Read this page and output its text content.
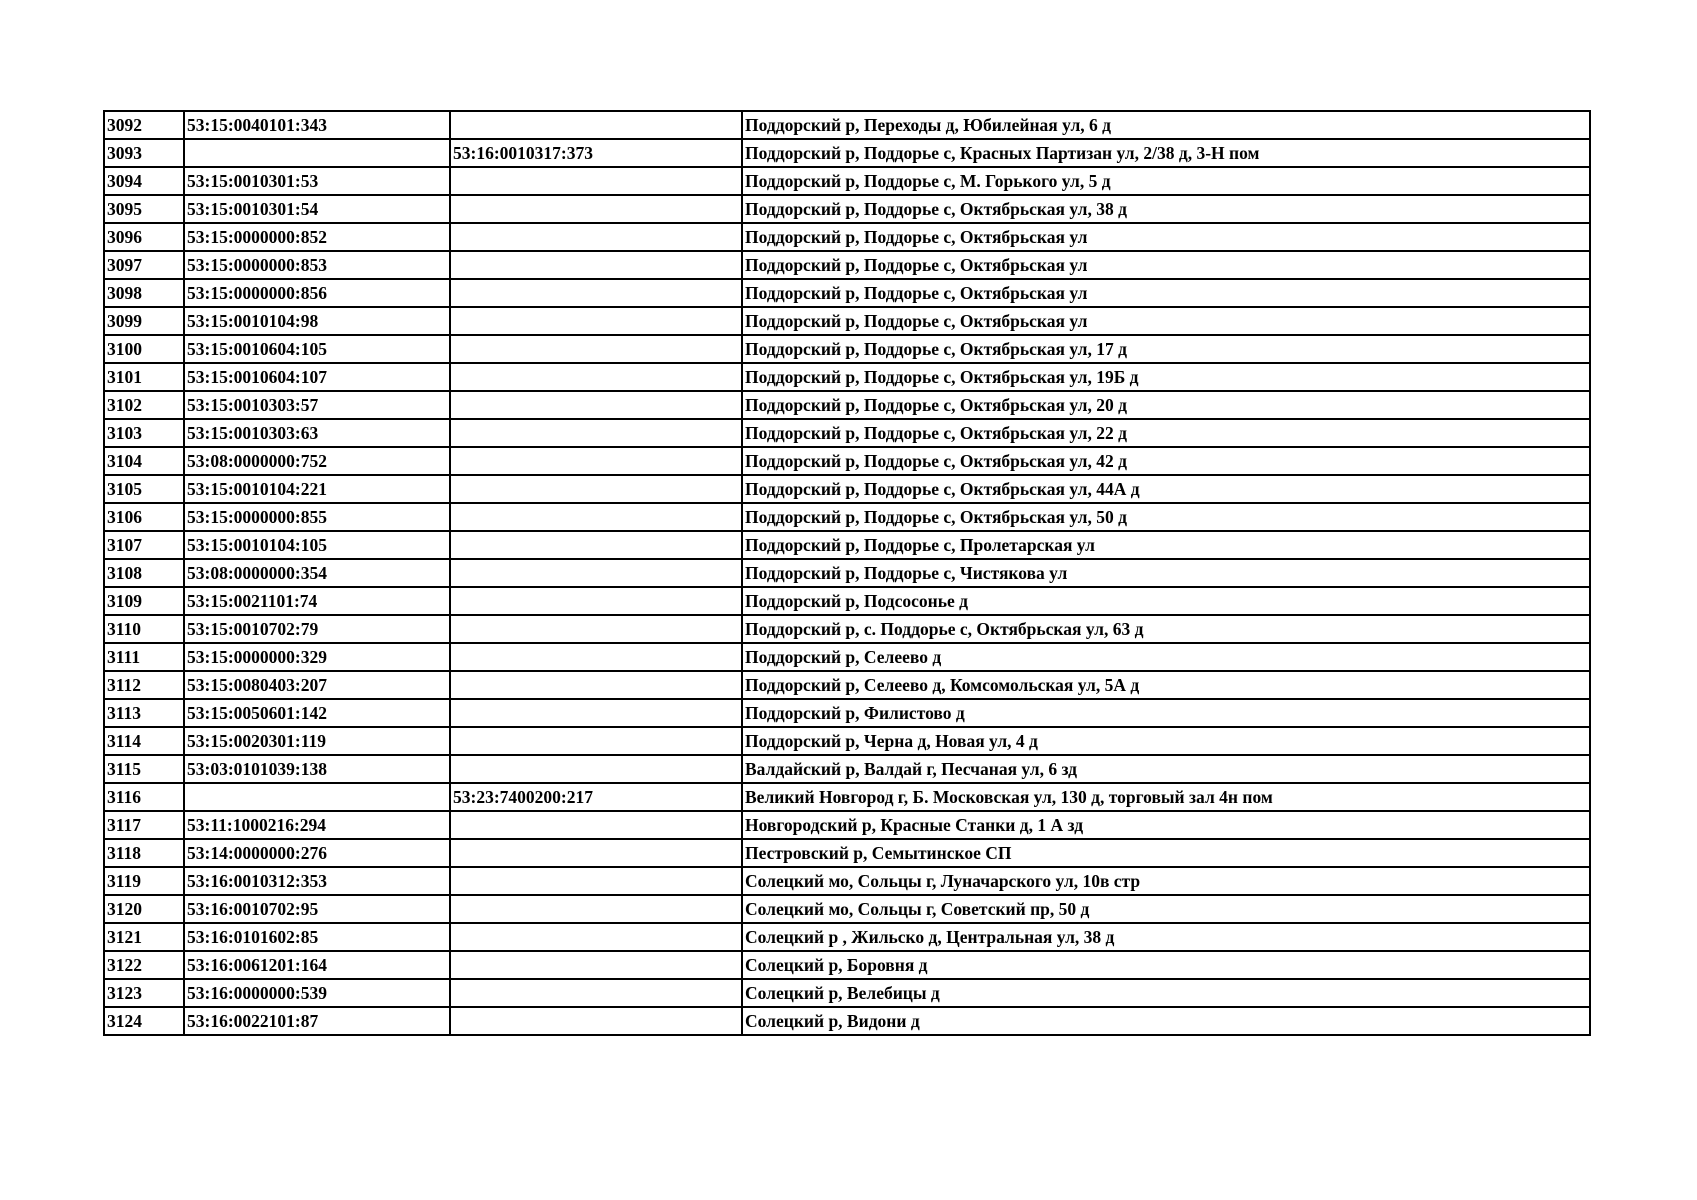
3092	53:15:0040101:343		Поддорский р, Переходы д, Юбилейная ул, 6 д
3093		53:16:0010317:373	Поддорский р, Поддорье с, Красных Партизан ул, 2/38 д, 3-Н пом
3094	53:15:0010301:53		Поддорский р, Поддорье с, М. Горького ул, 5 д
3095	53:15:0010301:54		Поддорский р, Поддорье с, Октябрьская ул, 38 д
3096	53:15:0000000:852		Поддорский р, Поддорье с, Октябрьская ул
3097	53:15:0000000:853		Поддорский р, Поддорье с, Октябрьская ул
3098	53:15:0000000:856		Поддорский р, Поддорье с, Октябрьская ул
3099	53:15:0010104:98		Поддорский р, Поддорье с, Октябрьская ул
3100	53:15:0010604:105		Поддорский р, Поддорье с, Октябрьская ул, 17 д
3101	53:15:0010604:107		Поддорский р, Поддорье с, Октябрьская ул, 19Б д
3102	53:15:0010303:57		Поддорский р, Поддорье с, Октябрьская ул, 20 д
3103	53:15:0010303:63		Поддорский р, Поддорье с, Октябрьская ул, 22 д
3104	53:08:0000000:752		Поддорский р, Поддорье с, Октябрьская ул, 42 д
3105	53:15:0010104:221		Поддорский р, Поддорье с, Октябрьская ул, 44А д
3106	53:15:0000000:855		Поддорский р, Поддорье с, Октябрьская ул, 50 д
3107	53:15:0010104:105		Поддорский р, Поддорье с, Пролетарская ул
3108	53:08:0000000:354		Поддорский р, Поддорье с, Чистякова ул
3109	53:15:0021101:74		Поддорский р, Подсосонье д
3110	53:15:0010702:79		Поддорский р, с. Поддорье с, Октябрьская ул, 63 д
3111	53:15:0000000:329		Поддорский р, Селеево д
3112	53:15:0080403:207		Поддорский р, Селеево д, Комсомольская ул, 5А д
3113	53:15:0050601:142		Поддорский р, Филистово д
3114	53:15:0020301:119		Поддорский р, Черна д, Новая ул, 4 д
3115	53:03:0101039:138		Валдайский р, Валдай г, Песчаная ул, 6 зд
3116		53:23:7400200:217	Великий Новгород г, Б. Московская ул, 130 д, торговый зал 4н пом
3117	53:11:1000216:294		Новгородский р, Красные Станки д, 1 А зд
3118	53:14:0000000:276		Пестровский р, Семытинское СП
3119	53:16:0010312:353		Солецкий мо, Сольцы г, Луначарского ул, 10в стр
3120	53:16:0010702:95		Солецкий мо, Сольцы г, Советский пр, 50 д
3121	53:16:0101602:85		Солецкий р , Жильско д, Центральная ул, 38 д
3122	53:16:0061201:164		Солецкий р, Боровня д
3123	53:16:0000000:539		Солецкий р, Велебицы д
3124	53:16:0022101:87		Солецкий р, Видони д
